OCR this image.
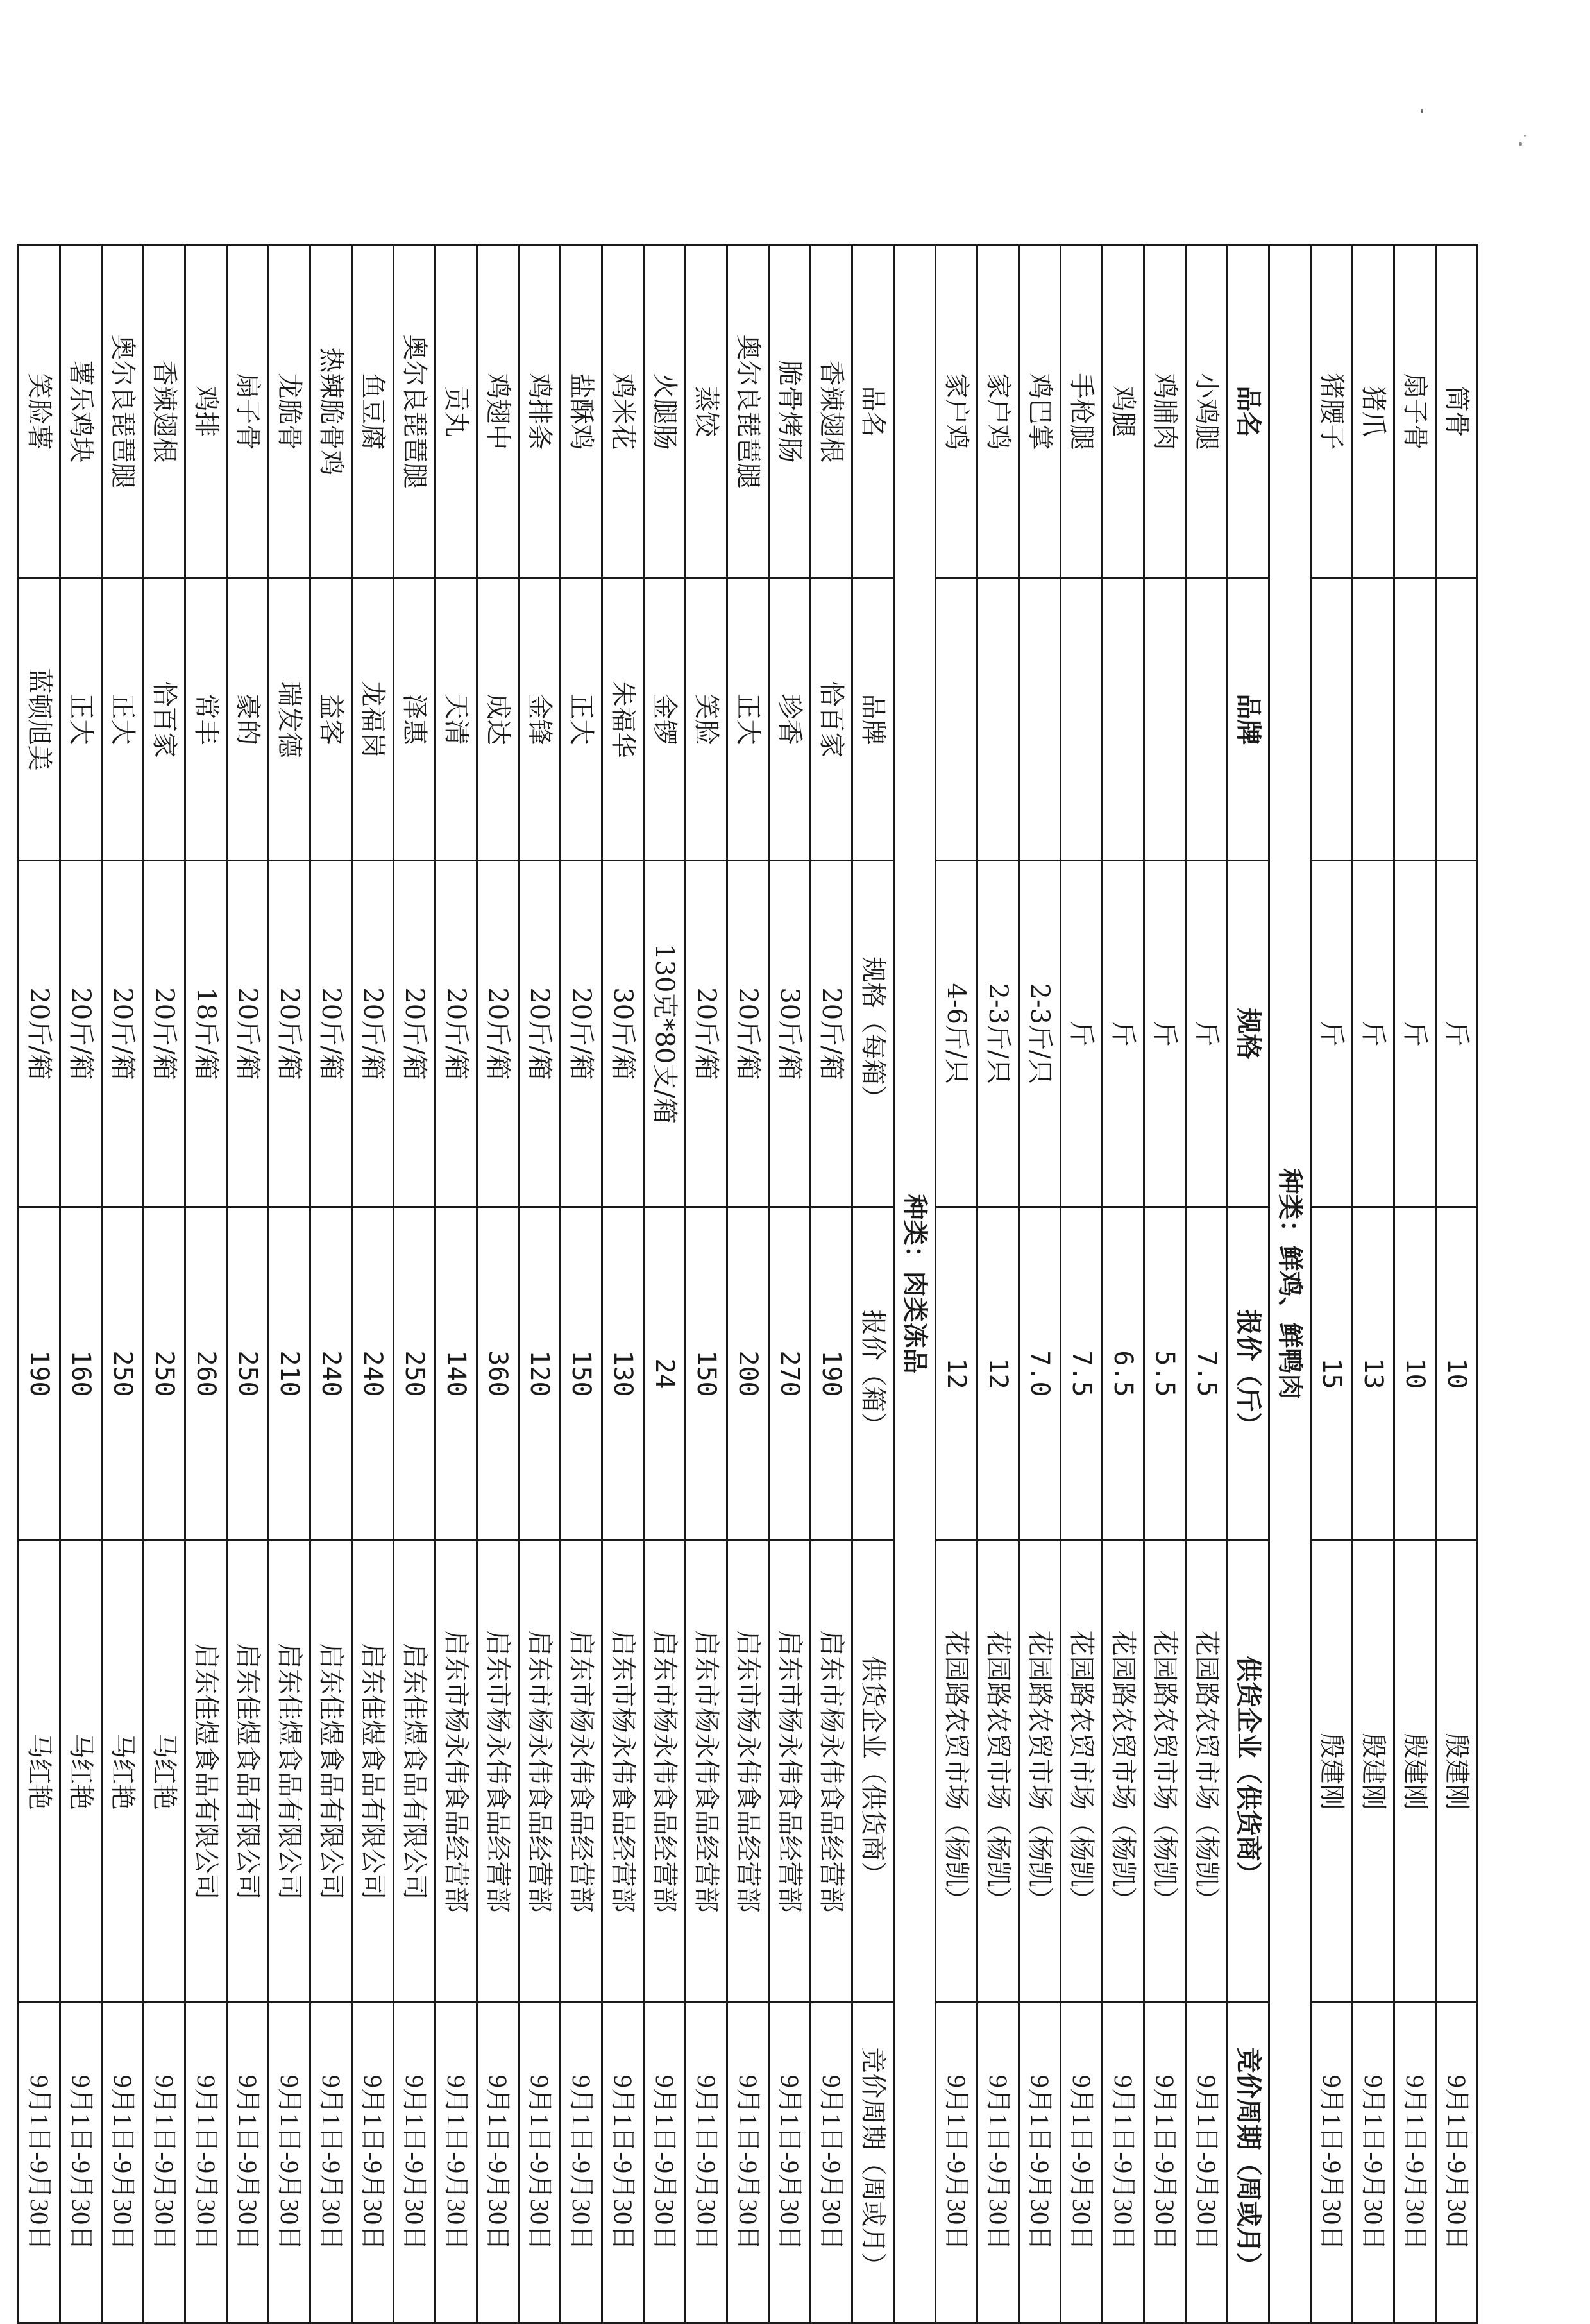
筒骨		斤	10	殷建刚	9月1日-9月30日
扇子骨		斤	10	殷建刚	9月1日-9月30日
猪爪		斤	13	殷建刚	9月1日-9月30日
猪腰子		斤	15	殷建刚	9月1日-9月30日
种类：鲜鸡、鲜鸭肉					
品名	品牌	规格	报价（斤）	供货企业（供货商）	竞价周期（周或月）
小鸡腿		斤	7.5	花园路农贸市场（杨凯）	9月1日-9月30日
鸡脯肉		斤	5.5	花园路农贸市场（杨凯）	9月1日-9月30日
鸡腿		斤	6.5	花园路农贸市场（杨凯）	9月1日-9月30日
手枪腿		斤	7.5	花园路农贸市场（杨凯）	9月1日-9月30日
鸡巴掌		2-3斤/只	7.0	花园路农贸市场（杨凯）	9月1日-9月30日
家户鸡		2-3斤/只	12	花园路农贸市场（杨凯）	9月1日-9月30日
家户鸡		4-6斤/只	12	花园路农贸市场（杨凯）	9月1日-9月30日
种类：肉类冻品					
品名	品牌	规格（每箱）	报价（箱）	供货企业（供货商）	竞价周期（周或月）
香辣翅根	恰百家	20斤/箱	190	启东市杨永伟食品经营部	9月1日-9月30日
脆骨烤肠	珍香	30斤/箱	270	启东市杨永伟食品经营部	9月1日-9月30日
奥尔良琵琶腿	正大	20斤/箱	200	启东市杨永伟食品经营部	9月1日-9月30日
蒸饺	笑脸	20斤/箱	150	启东市杨永伟食品经营部	9月1日-9月30日
火腿肠	金锣	130克*80支/箱	24	启东市杨永伟食品经营部	9月1日-9月30日
鸡米花	朱福华	30斤/箱	130	启东市杨永伟食品经营部	9月1日-9月30日
盐酥鸡	正大	20斤/箱	150	启东市杨永伟食品经营部	9月1日-9月30日
鸡排条	金锋	20斤/箱	120	启东市杨永伟食品经营部	9月1日-9月30日
鸡翅中	成达	20斤/箱	360	启东市杨永伟食品经营部	9月1日-9月30日
贡丸	天清	20斤/箱	140	启东市杨永伟食品经营部	9月1日-9月30日
奥尔良琵琶腿	泽惠	20斤/箱	250	启东佳煜食品有限公司	9月1日-9月30日
鱼豆腐	龙福岗	20斤/箱	240	启东佳煜食品有限公司	9月1日-9月30日
热辣脆骨鸡	益客	20斤/箱	240	启东佳煜食品有限公司	9月1日-9月30日
龙脆骨	瑞发德	20斤/箱	210	启东佳煜食品有限公司	9月1日-9月30日
扇子骨	豪的	20斤/箱	250	启东佳煜食品有限公司	9月1日-9月30日
鸡排	常丰	18斤/箱	260	启东佳煜食品有限公司	9月1日-9月30日
香辣翅根	恰百家	20斤/箱	250	马红艳	9月1日-9月30日
奥尔良琵琶腿	正大	20斤/箱	250	马红艳	9月1日-9月30日
薯乐鸡块	正大	20斤/箱	160	马红艳	9月1日-9月30日
笑脸薯	蓝顿旭美	20斤/箱	190	马红艳	9月1日-9月30日
